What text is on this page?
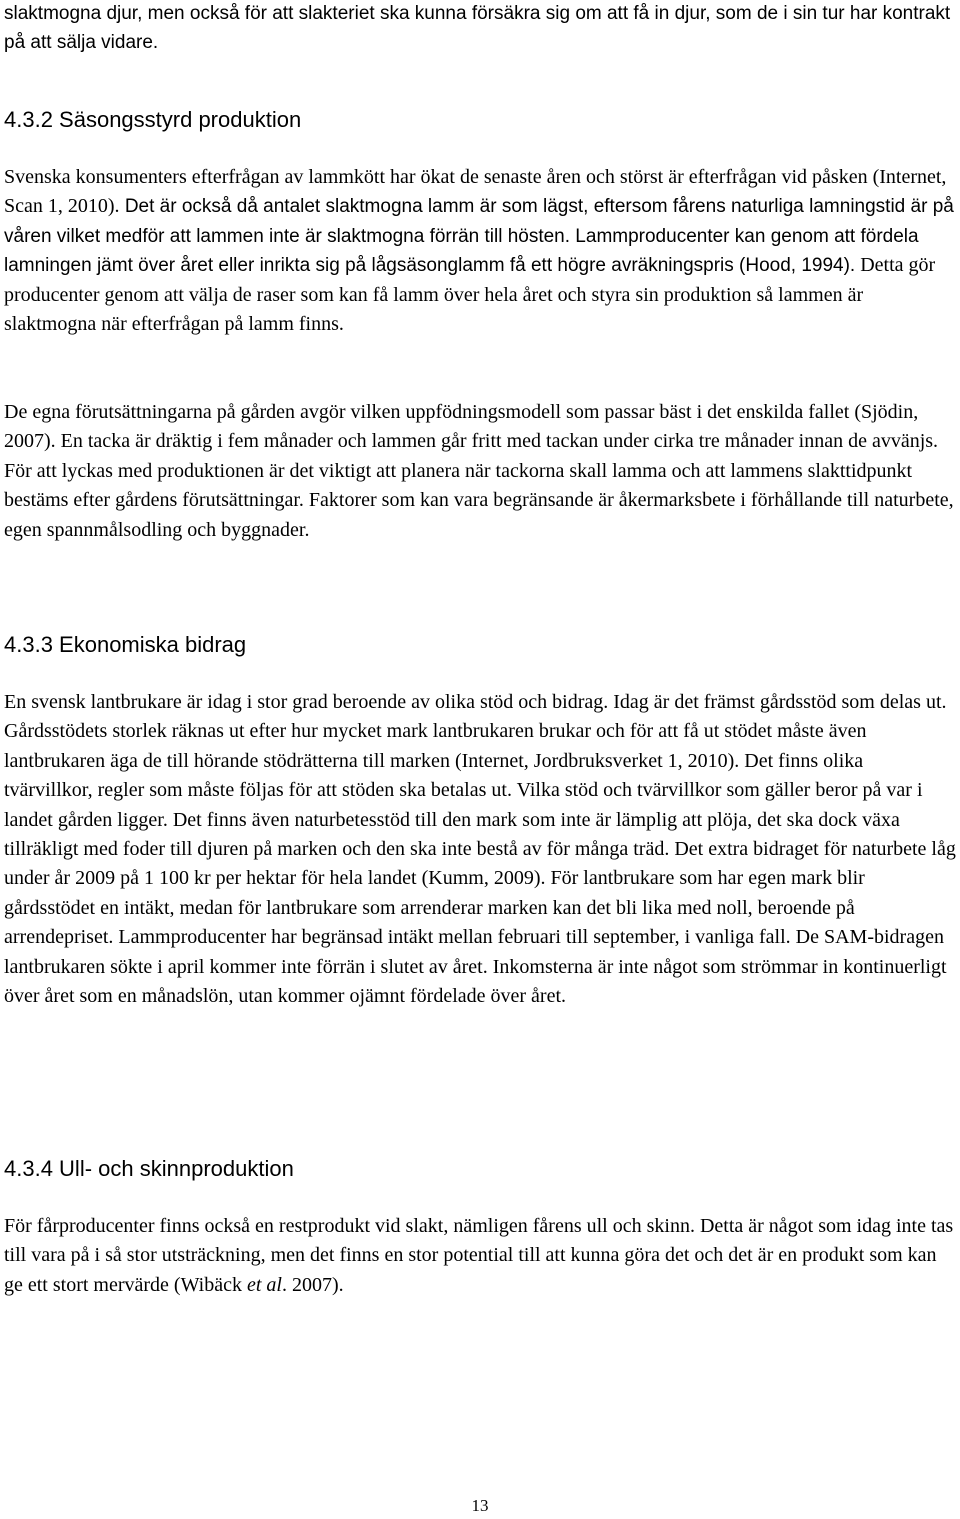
slaktmogna djur, men också för att slakteriet ska kunna försäkra sig om att få in djur, som de i sin tur har kontrakt på att sälja vidare.

4.3.2 Säsongsstyrd produktion

Svenska konsumenters efterfrågan av lammkött har ökat de senaste åren och störst är efterfrågan vid påsken (Internet, Scan 1, 2010). Det är också då antalet slaktmogna lamm är som lägst, eftersom fårens naturliga lamningstid är på våren vilket medför att lammen inte är slaktmogna förrän till hösten. Lammproducenter kan genom att fördela lamningen jämt över året eller inrikta sig på lågsäsonglamm få ett högre avräkningspris (Hood, 1994). Detta gör producenter genom att välja de raser som kan få lamm över hela året och styra sin produktion så lammen är slaktmogna när efterfrågan på lamm finns.

De egna förutsättningarna på gården avgör vilken uppfödningsmodell som passar bäst i det enskilda fallet (Sjödin, 2007). En tacka är dräktig i fem månader och lammen går fritt med tackan under cirka tre månader innan de avvänjs. För att lyckas med produktionen är det viktigt att planera när tackorna skall lamma och att lammens slakttidpunkt bestäms efter gårdens förutsättningar. Faktorer som kan vara begränsande är åkermarksbete i förhållande till naturbete, egen spannmålsodling och byggnader.

4.3.3 Ekonomiska bidrag

En svensk lantbrukare är idag i stor grad beroende av olika stöd och bidrag. Idag är det främst gårdsstöd som delas ut. Gårdsstödets storlek räknas ut efter hur mycket mark lantbrukaren brukar och för att få ut stödet måste även lantbrukaren äga de till hörande stödrätterna till marken (Internet, Jordbruksverket 1, 2010). Det finns olika tvärvillkor, regler som måste följas för att stöden ska betalas ut. Vilka stöd och tvärvillkor som gäller beror på var i landet gården ligger. Det finns även naturbetesstöd till den mark som inte är lämplig att plöja, det ska dock växa tillräkligt med foder till djuren på marken och den ska inte bestå av för många träd. Det extra bidraget för naturbete låg under år 2009 på 1 100 kr per hektar för hela landet (Kumm, 2009). För lantbrukare som har egen mark blir gårdsstödet en intäkt, medan för lantbrukare som arrenderar marken kan det bli lika med noll, beroende på arrendepriset. Lammproducenter har begränsad intäkt mellan februari till september, i vanliga fall. De SAM-bidragen lantbrukaren sökte i april kommer inte förrän i slutet av året. Inkomsterna är inte något som strömmar in kontinuerligt över året som en månadslön, utan kommer ojämnt fördelade över året.

4.3.4 Ull- och skinnproduktion

För fårproducenter finns också en restprodukt vid slakt, nämligen fårens ull och skinn. Detta är något som idag inte tas till vara på i så stor utsträckning, men det finns en stor potential till att kunna göra det och det är en produkt som kan ge ett stort mervärde (Wibäck et al. 2007).

13
